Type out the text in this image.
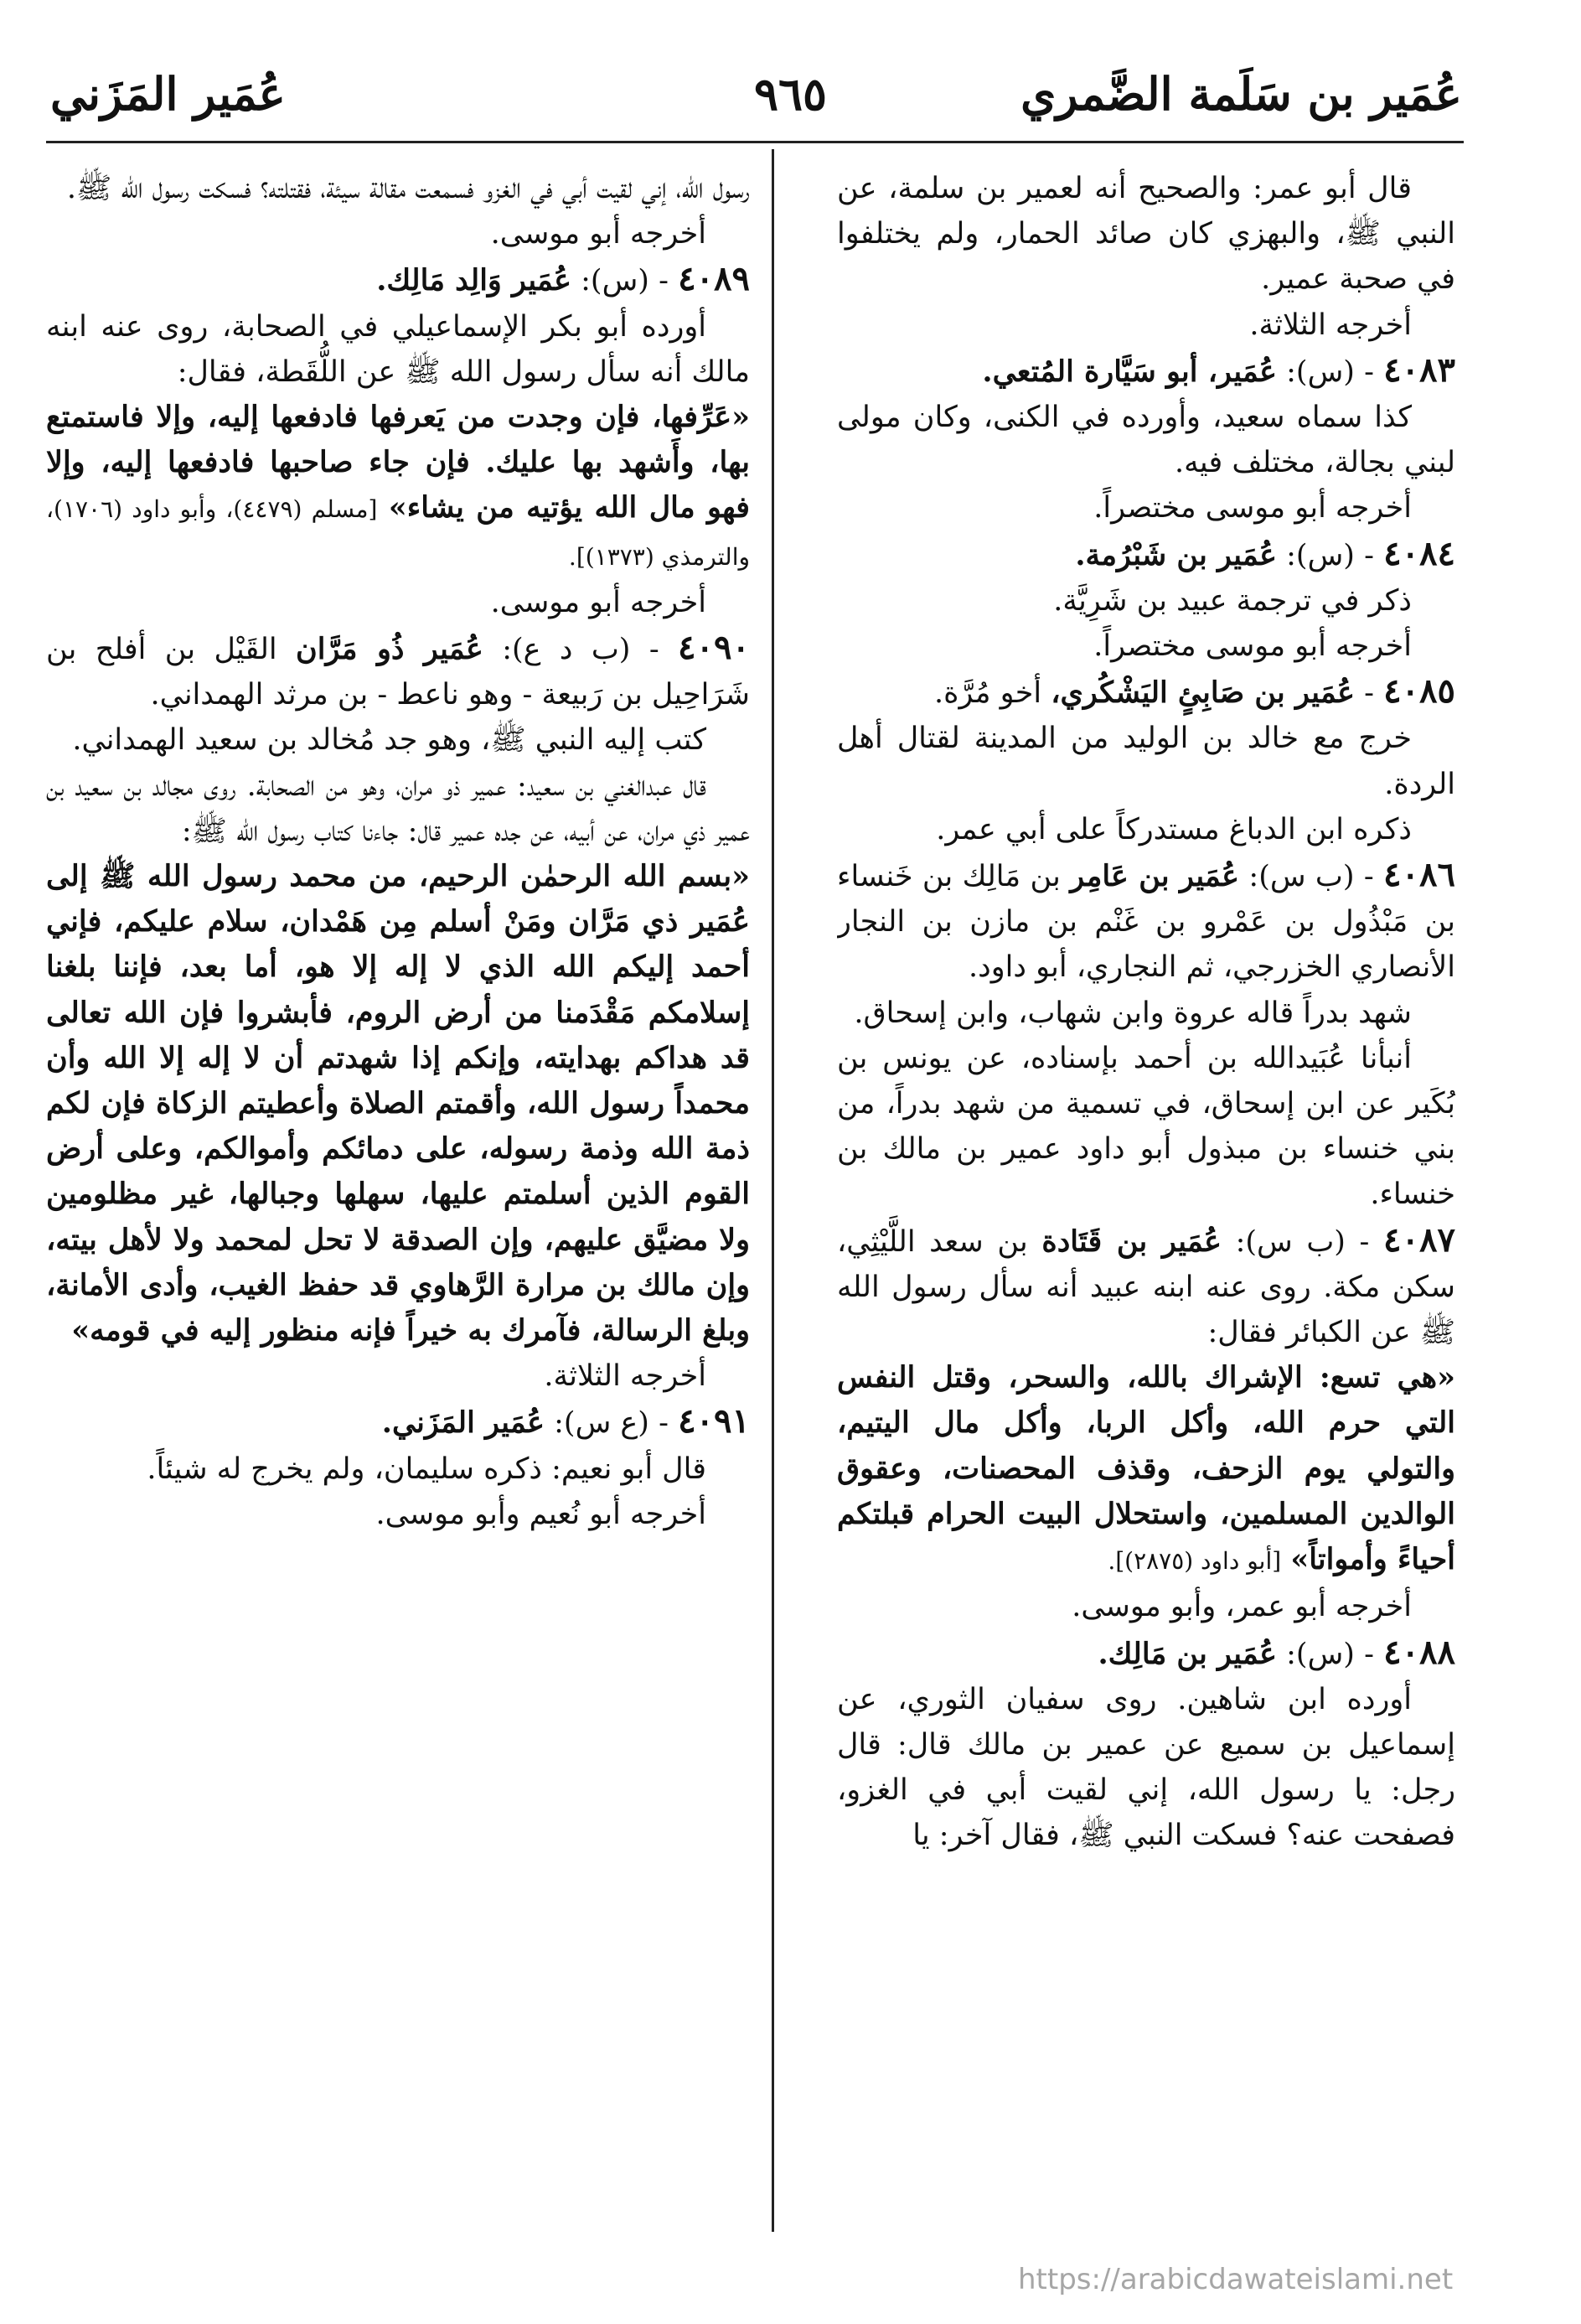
عُمَير بن سَلَمة الضَّمري
٩٦٥
عُمَير المَزَني

قال أبو عمر: والصحيح أنه لعمير بن سلمة، عن النبي ﷺ، والبهزي كان صائد الحمار، ولم يختلفوا في صحبة عمير.

أخرجه الثلاثة.

٤٠٨٣ - (س): عُمَير، أبو سَيَّارة المُتعي.

كذا سماه سعيد، وأورده في الكنى، وكان مولى لبني بجالة، مختلف فيه.

أخرجه أبو موسى مختصراً.

٤٠٨٤ - (س): عُمَير بن شَبْرُمة.

ذكر في ترجمة عبيد بن شَرِيَّة.

أخرجه أبو موسى مختصراً.

٤٠٨٥ - عُمَير بن صَابِئٍ اليَشْكُري، أخو مُرَّة.

خرج مع خالد بن الوليد من المدينة لقتال أهل الردة.

ذكره ابن الدباغ مستدركاً على أبي عمر.

٤٠٨٦ - (ب س): عُمَير بن عَامِر بن مَالِك بن خَنساء بن مَبْذُول بن عَمْرو بن غَنْم بن مازن بن النجار الأنصاري الخزرجي، ثم النجاري، أبو داود.

شهد بدراً قاله عروة وابن شهاب، وابن إسحاق.

أنبأنا عُبَيدالله بن أحمد بإسناده، عن يونس بن بُكَير عن ابن إسحاق، في تسمية من شهد بدراً، من بني خنساء بن مبذول أبو داود عمير بن مالك بن خنساء.

٤٠٨٧ - (ب س): عُمَير بن قَتَادة بن سعد اللَّيْثِي، سكن مكة. روى عنه ابنه عبيد أنه سأل رسول الله ﷺ عن الكبائر فقال:

«هي تسع: الإشراك بالله، والسحر، وقتل النفس التي حرم الله، وأكل الربا، وأكل مال اليتيم، والتولي يوم الزحف، وقذف المحصنات، وعقوق الوالدين المسلمين، واستحلال البيت الحرام قبلتكم أحياءً وأمواتاً» [أبو داود (٢٨٧٥)].

أخرجه أبو عمر، وأبو موسى.

٤٠٨٨ - (س): عُمَير بن مَالِك.

أورده ابن شاهين. روى سفيان الثوري، عن إسماعيل بن سميع عن عمير بن مالك قال: قال رجل: يا رسول الله، إني لقيت أبي في الغزو، فصفحت عنه؟ فسكت النبي ﷺ، فقال آخر: يا

رسول الله، إني لقيت أبي في الغزو فسمعت مقالة سيئة، فقتلته؟ فسكت رسول الله ﷺ.

أخرجه أبو موسى.

٤٠٨٩ - (س): عُمَير وَالِد مَالِك.

أورده أبو بكر الإسماعيلي في الصحابة، روى عنه ابنه مالك أنه سأل رسول الله ﷺ عن اللُّقَطة، فقال:

«عَرِّفها، فإن وجدت من يَعرفها فادفعها إليه، وإلا فاستمتع بها، وأَشهد بها عليك. فإن جاء صاحبها فادفعها إليه، وإلا فهو مال الله يؤتيه من يشاء» [مسلم (٤٤٧٩)، وأبو داود (١٧٠٦)، والترمذي (١٣٧٣)].

أخرجه أبو موسى.

٤٠٩٠ - (ب د ع): عُمَير ذُو مَرَّان القَيْل بن أفلح بن شَرَاحِيل بن رَبيعة - وهو ناعط - بن مرثد الهمداني.

كتب إليه النبي ﷺ، وهو جد مُخالد بن سعيد الهمداني.

قال عبدالغني بن سعيد: عمير ذو مران، وهو من الصحابة. روى مجالد بن سعيد بن عمير ذي مران، عن أبيه، عن جده عمير قال: جاءنا كتاب رسول الله ﷺ:

«بسم الله الرحمٰن الرحيم، من محمد رسول الله ﷺ إلى عُمَير ذي مَرَّان ومَنْ أسلم مِن هَمْدان، سلام عليكم، فإني أحمد إليكم الله الذي لا إله إلا هو، أما بعد، فإننا بلغنا إسلامكم مَقْدَمنا من أرض الروم، فأبشروا فإن الله تعالى قد هداكم بهدايته، وإنكم إذا شهدتم أن لا إله إلا الله وأن محمداً رسول الله، وأقمتم الصلاة وأعطيتم الزكاة فإن لكم ذمة الله وذمة رسوله، على دمائكم وأموالكم، وعلى أرض القوم الذين أسلمتم عليها، سهلها وجبالها، غير مظلومين ولا مضيَّق عليهم، وإن الصدقة لا تحل لمحمد ولا لأهل بيته، وإن مالك بن مرارة الرَّهاوي قد حفظ الغيب، وأدى الأمانة، وبلغ الرسالة، فآمرك به خيراً فإنه منظور إليه في قومه»

أخرجه الثلاثة.

٤٠٩١ - (ع س): عُمَير المَزَني.

قال أبو نعيم: ذكره سليمان، ولم يخرج له شيئاً.

أخرجه أبو نُعيم وأبو موسى.

https://arabicdawateislami.net
